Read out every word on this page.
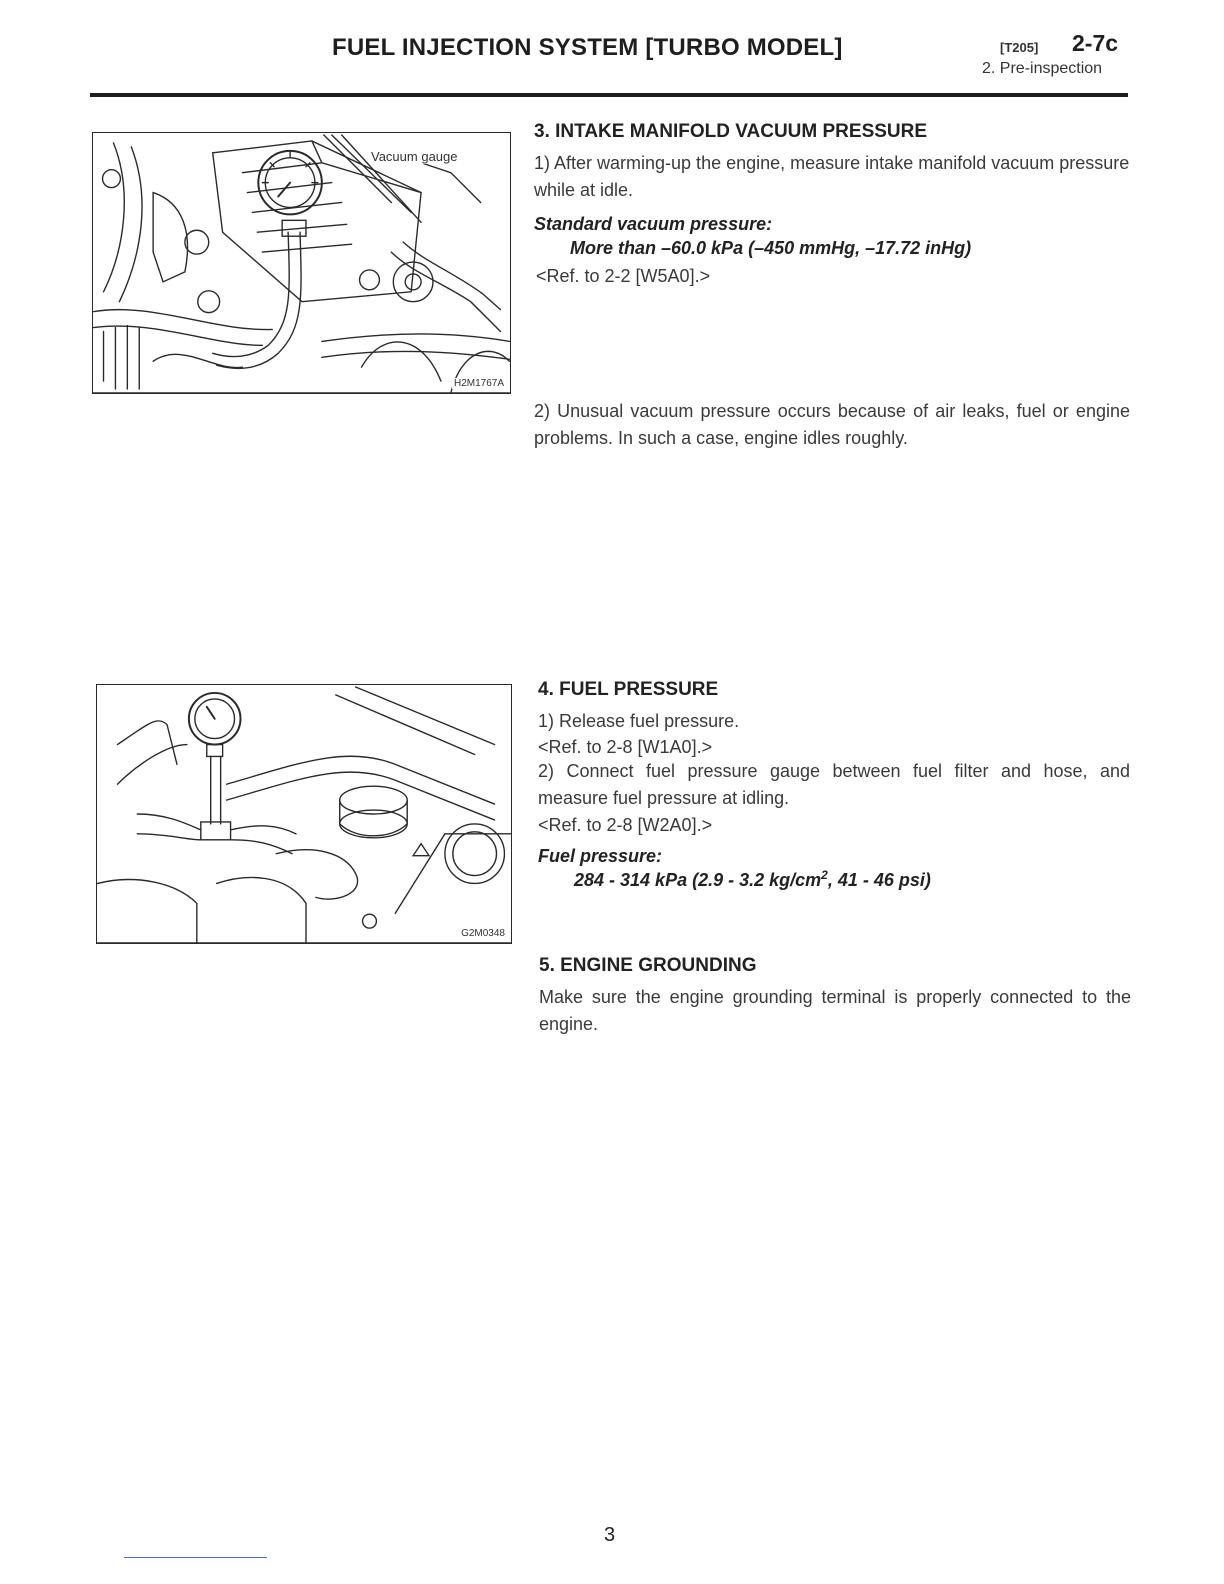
FUEL INJECTION SYSTEM [TURBO MODEL]	[T205] 2-7c
2. Pre-inspection
Vacuum gauge
H2M1767A
G2M0348
3. INTAKE MANIFOLD VACUUM PRESSURE
1) After warming-up the engine, measure intake manifold vacuum pressure while at idle.
Standard vacuum pressure:
More than –60.0 kPa (–450 mmHg, –17.72 inHg)
<Ref. to 2-2 [W5A0].>
2) Unusual vacuum pressure occurs because of air leaks, fuel or engine problems. In such a case, engine idles roughly.
4. FUEL PRESSURE
1) Release fuel pressure.
<Ref. to 2-8 [W1A0].>
2) Connect fuel pressure gauge between fuel filter and hose, and measure fuel pressure at idling.
<Ref. to 2-8 [W2A0].>
Fuel pressure:
284 - 314 kPa (2.9 - 3.2 $kg/cm^2$, 41 - 46 psi)
5. ENGINE GROUNDING
Make sure the engine grounding terminal is properly connected to the engine.
3
